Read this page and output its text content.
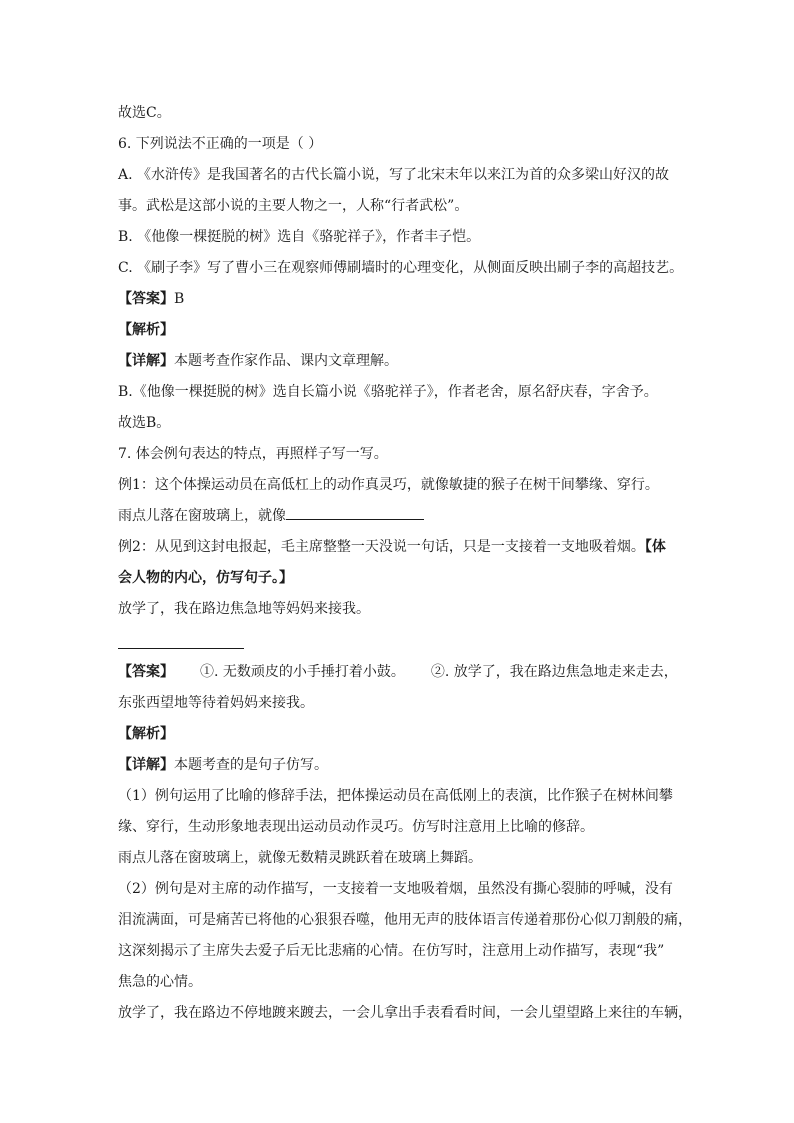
故选C。
6. 下列说法不正确的一项是（ ）
A. 《水浒传》是我国著名的古代长篇小说，写了北宋末年以来江为首的众多梁山好汉的故
事。武松是这部小说的主要人物之一，人称“行者武松”。
B. 《他像一棵挺脱的树》选自《骆驼祥子》，作者丰子恺。
C. 《刷子李》写了曹小三在观察师傅刷墙时的心理变化，从侧面反映出刷子李的高超技艺。
【答案】B
【解析】
【详解】本题考查作家作品、课内文章理解。
B.《他像一棵挺脱的树》选自长篇小说《骆驼祥子》，作者老舍，原名舒庆春，字舍予。
故选B。
7. 体会例句表达的特点，再照样子写一写。
例1：这个体操运动员在高低杠上的动作真灵巧，就像敏捷的猴子在树干间攀缘、穿行。
雨点儿落在窗玻璃上，就像
例2：从见到这封电报起，毛主席整整一天没说一句话，只是一支接着一支地吸着烟。【体
会人物的内心，仿写句子。】
放学了，我在路边焦急地等妈妈来接我。
【答案】 ①. 无数顽皮的小手捶打着小鼓。 ②. 放学了，我在路边焦急地走来走去，
东张西望地等待着妈妈来接我。
【解析】
【详解】本题考查的是句子仿写。
（1）例句运用了比喻的修辞手法，把体操运动员在高低刚上的表演，比作猴子在树林间攀
缘、穿行，生动形象地表现出运动员动作灵巧。仿写时注意用上比喻的修辞。
雨点儿落在窗玻璃上，就像无数精灵跳跃着在玻璃上舞蹈。
（2）例句是对主席的动作描写，一支接着一支地吸着烟，虽然没有撕心裂肺的呼喊，没有
泪流满面，可是痛苦已将他的心狠狠吞噬，他用无声的肢体语言传递着那份心似刀割般的痛，
这深刻揭示了主席失去爱子后无比悲痛的心情。在仿写时，注意用上动作描写，表现“我”
焦急的心情。
放学了，我在路边不停地踱来踱去，一会儿拿出手表看看时间，一会儿望望路上来往的车辆，
